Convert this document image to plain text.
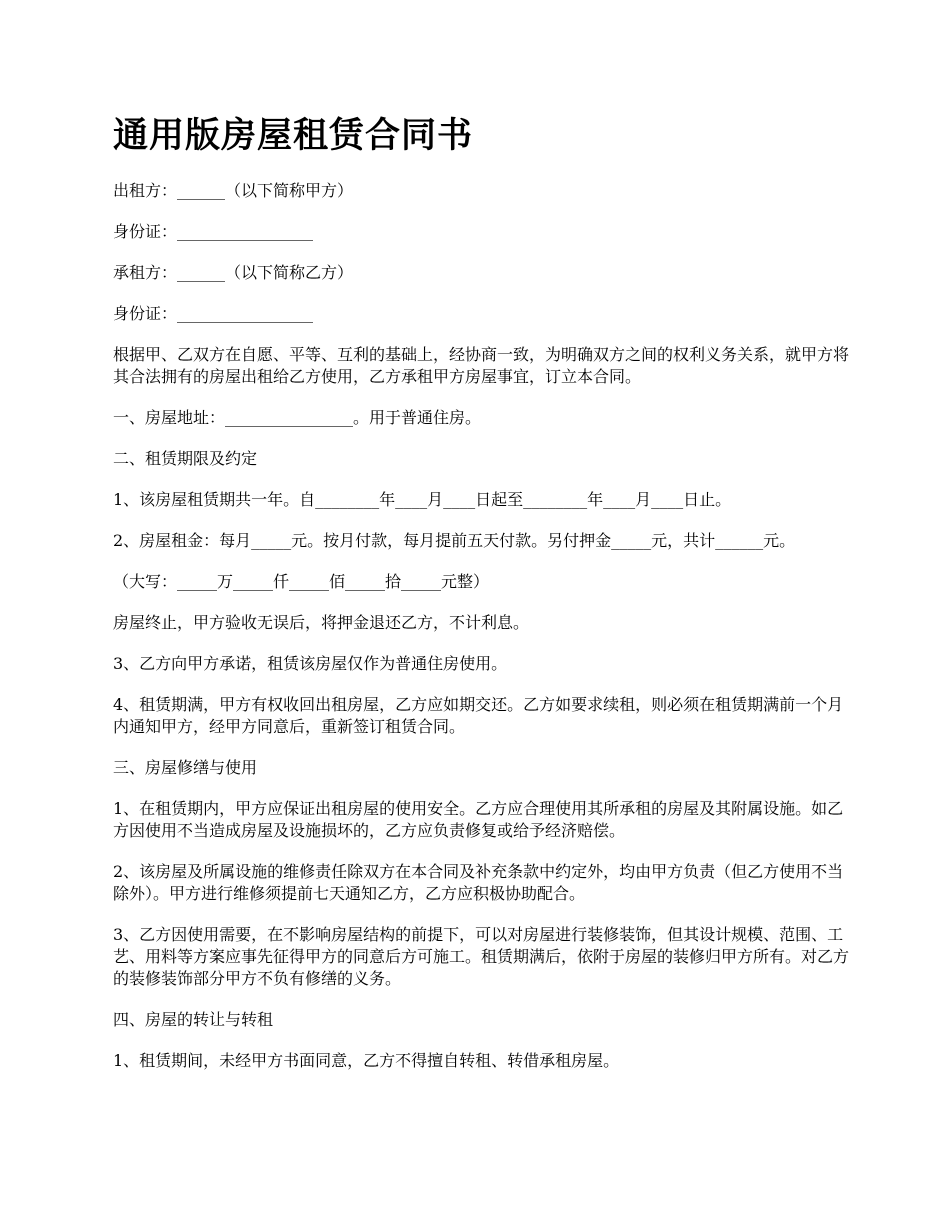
通用版房屋租赁合同书

出租方：______（以下简称甲方）

身份证：_________________

承租方：______（以下简称乙方）

身份证：_________________

根据甲、乙双方在自愿、平等、互利的基础上，经协商一致，为明确双方之间的权利义务关系，就甲方将其合法拥有的房屋出租给乙方使用，乙方承租甲方房屋事宜，订立本合同。

一、房屋地址：________________。用于普通住房。

二、租赁期限及约定

1、该房屋租赁期共一年。自________年____月____日起至________年____月____日止。

2、房屋租金：每月_____元。按月付款，每月提前五天付款。另付押金_____元，共计______元。

（大写：_____万_____仟_____佰_____拾_____元整）

房屋终止，甲方验收无误后，将押金退还乙方，不计利息。

3、乙方向甲方承诺，租赁该房屋仅作为普通住房使用。

4、租赁期满，甲方有权收回出租房屋，乙方应如期交还。乙方如要求续租，则必须在租赁期满前一个月内通知甲方，经甲方同意后，重新签订租赁合同。

三、房屋修缮与使用

1、在租赁期内，甲方应保证出租房屋的使用安全。乙方应合理使用其所承租的房屋及其附属设施。如乙方因使用不当造成房屋及设施损坏的，乙方应负责修复或给予经济赔偿。

2、该房屋及所属设施的维修责任除双方在本合同及补充条款中约定外，均由甲方负责（但乙方使用不当除外）。甲方进行维修须提前七天通知乙方，乙方应积极协助配合。

3、乙方因使用需要，在不影响房屋结构的前提下，可以对房屋进行装修装饰，但其设计规模、范围、工艺、用料等方案应事先征得甲方的同意后方可施工。租赁期满后，依附于房屋的装修归甲方所有。对乙方的装修装饰部分甲方不负有修缮的义务。

四、房屋的转让与转租

1、租赁期间，未经甲方书面同意，乙方不得擅自转租、转借承租房屋。
